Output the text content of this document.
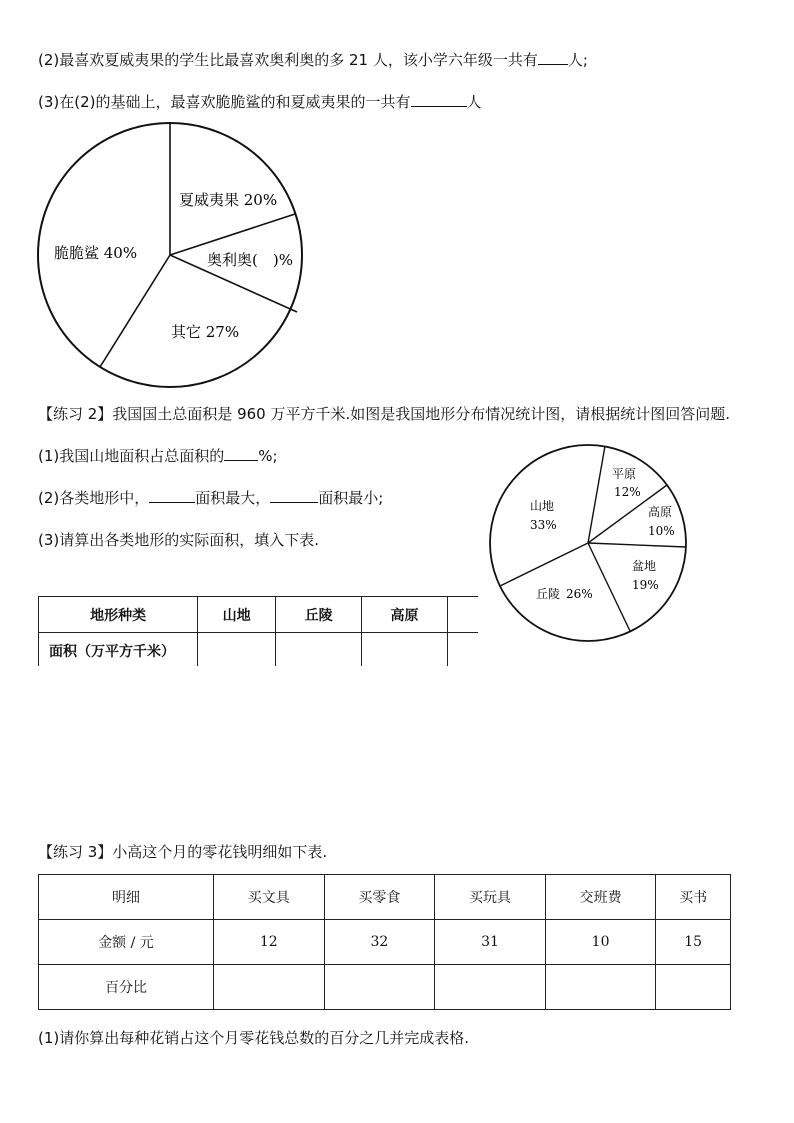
(2)最喜欢夏威夷果的学生比最喜欢奥利奥的多 21 人，该小学六年级一共有 人;
(3)在(2)的基础上，最喜欢脆脆鲨的和夏威夷果的一共有	人
夏威夷果 20%
奥利奥(　)%
其它 27%
脆脆鲨 40%
【练习 2】我国国土总面积是 960 万平方千米.如图是我国地形分布情况统计图，请根据统计图回答问题.
(1)我国山地面积占总面积的 %;
(2)各类地形中，	面积最大，	面积最小;
(3)请算出各类地形的实际面积，填入下表.
平原
12%
高原
10%
盆地
19%
丘陵 26%
山地
33%
地形种类	山地	丘陵	高原	
面积（万平方千米）				
【练习 3】小高这个月的零花钱明细如下表.
明细	买文具	买零食	买玩具	交班费	买书
金额 / 元	12	32	31	10	15
百分比					
(1)请你算出每种花销占这个月零花钱总数的百分之几并完成表格.
